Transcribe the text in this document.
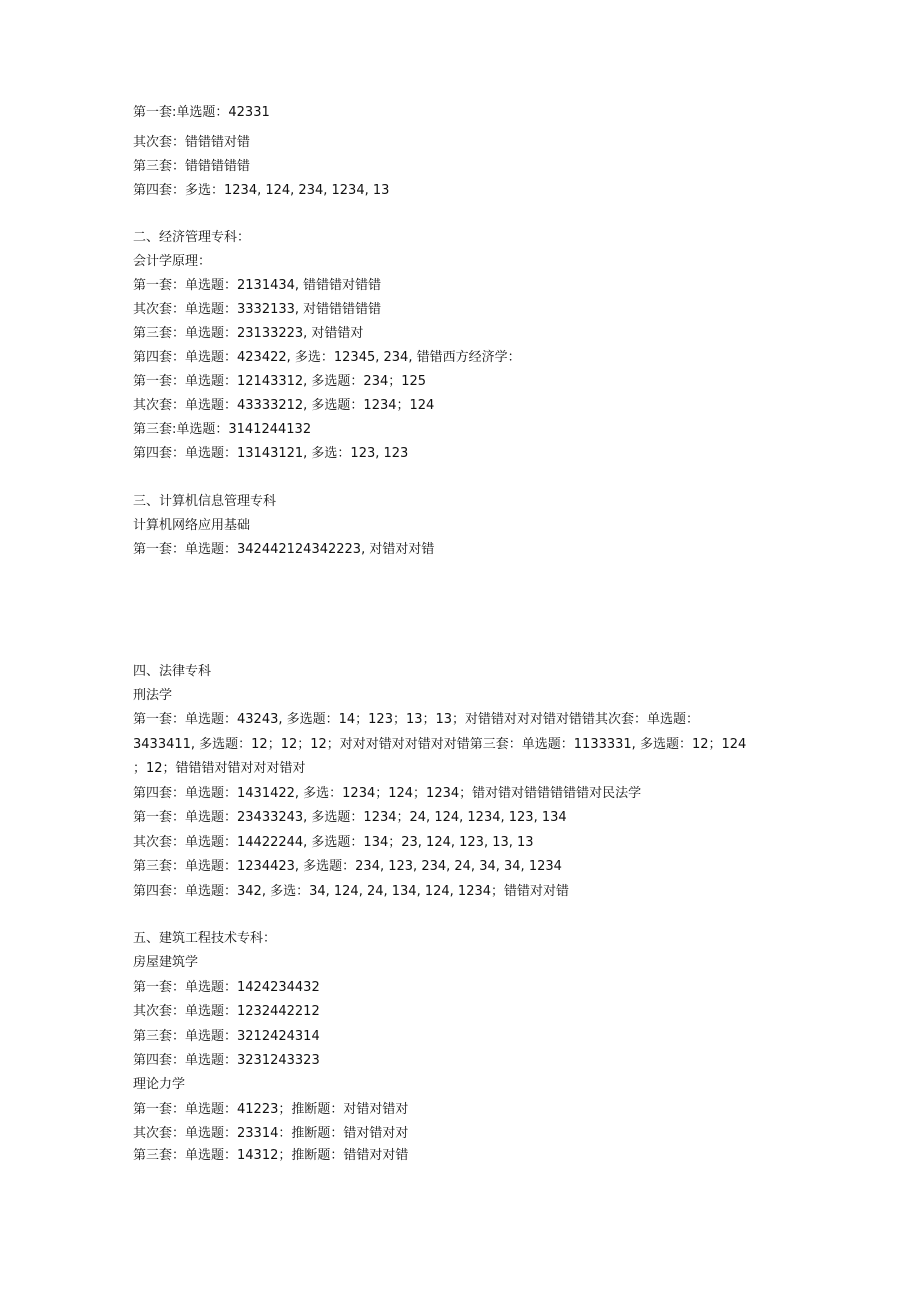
第一套:单选题：42331
其次套：错错错对错
第三套：错错错错错
第四套：多选：1234, 124, 234, 1234, 13
二、经济管理专科：
会计学原理：
第一套：单选题：2131434, 错错错对错错
其次套：单选题：3332133, 对错错错错错
第三套：单选题：23133223, 对错错对
第四套：单选题：423422, 多选：12345, 234, 错错西方经济学：
第一套：单选题：12143312, 多选题：234；125
其次套：单选题：43333212, 多选题：1234；124
第三套:单选题：3141244132
第四套：单选题：13143121, 多选：123, 123
三、计算机信息管理专科
计算机网络应用基础
第一套：单选题：342442124342223, 对错对对错
四、法律专科
刑法学
第一套：单选题：43243, 多选题：14；123；13；13；对错错对对对错对错错其次套：单选题：
3433411, 多选题：12；12；12；对对对错对对错对对错第三套：单选题：1133331, 多选题：12；124
；12；错错错对错对对对错对
第四套：单选题：1431422, 多选：1234；124；1234；错对错对错错错错错对民法学
第一套：单选题：23433243, 多选题：1234；24, 124, 1234, 123, 134
其次套：单选题：14422244, 多选题：134；23, 124, 123, 13, 13
第三套：单选题：1234423, 多选题：234, 123, 234, 24, 34, 34, 1234
第四套：单选题：342, 多选：34, 124, 24, 134, 124, 1234；错错对对错
五、建筑工程技术专科：
房屋建筑学
第一套：单选题：1424234432
其次套：单选题：1232442212
第三套：单选题：3212424314
第四套：单选题：3231243323
理论力学
第一套：单选题：41223；推断题：对错对错对
其次套：单选题：23314：推断题：错对错对对
第三套：单选题：14312；推断题：错错对对错
